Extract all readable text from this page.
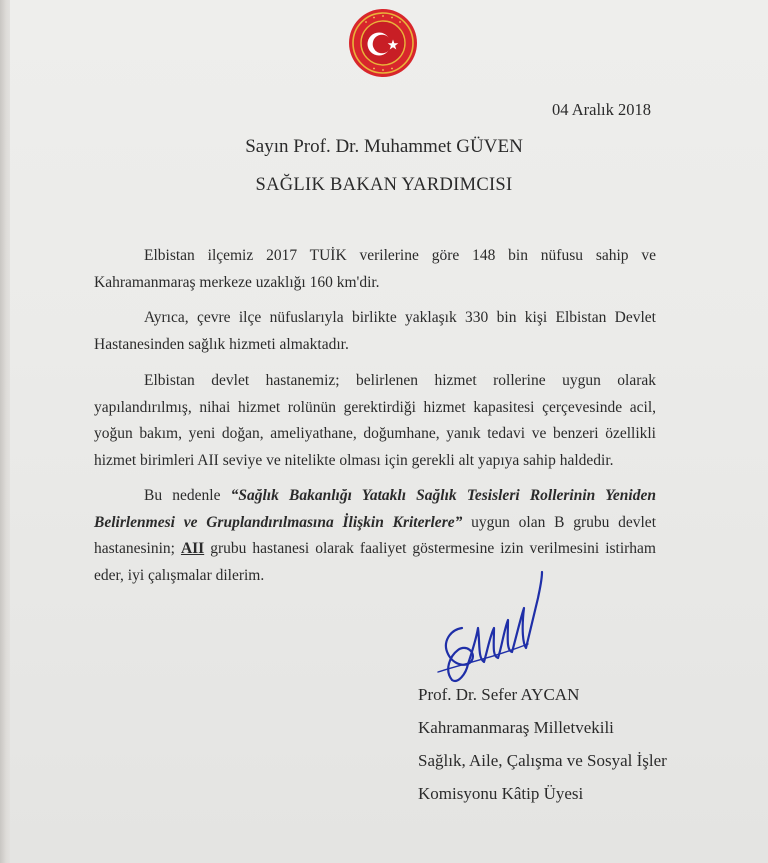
04 Aralık 2018
Sayın Prof. Dr. Muhammet GÜVEN
SAĞLIK BAKAN YARDIMCISI
Elbistan ilçemiz 2017 TUİK verilerine göre 148 bin nüfusu sahip ve Kahramanmaraş merkeze uzaklığı 160 km'dir.
Ayrıca, çevre ilçe nüfuslarıyla birlikte yaklaşık 330 bin kişi Elbistan Devlet Hastanesinden sağlık hizmeti almaktadır.
Elbistan devlet hastanemiz; belirlenen hizmet rollerine uygun olarak yapılandırılmış, nihai hizmet rolünün gerektirdiği hizmet kapasitesi çerçevesinde acil, yoğun bakım, yeni doğan, ameliyathane, doğumhane, yanık tedavi ve benzeri özellikli hizmet birimleri AII seviye ve nitelikte olması için gerekli alt yapıya sahip haldedir.
Bu nedenle “Sağlık Bakanlığı Yataklı Sağlık Tesisleri Rollerinin Yeniden Belirlenmesi ve Gruplandırılmasına İlişkin Kriterlere” uygun olan B grubu devlet hastanesinin; AII grubu hastanesi olarak faaliyet göstermesine izin verilmesini istirham eder, iyi çalışmalar dilerim.
Prof. Dr. Sefer AYCAN
Kahramanmaraş Milletvekili
Sağlık, Aile, Çalışma ve Sosyal İşler
Komisyonu Kâtip Üyesi
